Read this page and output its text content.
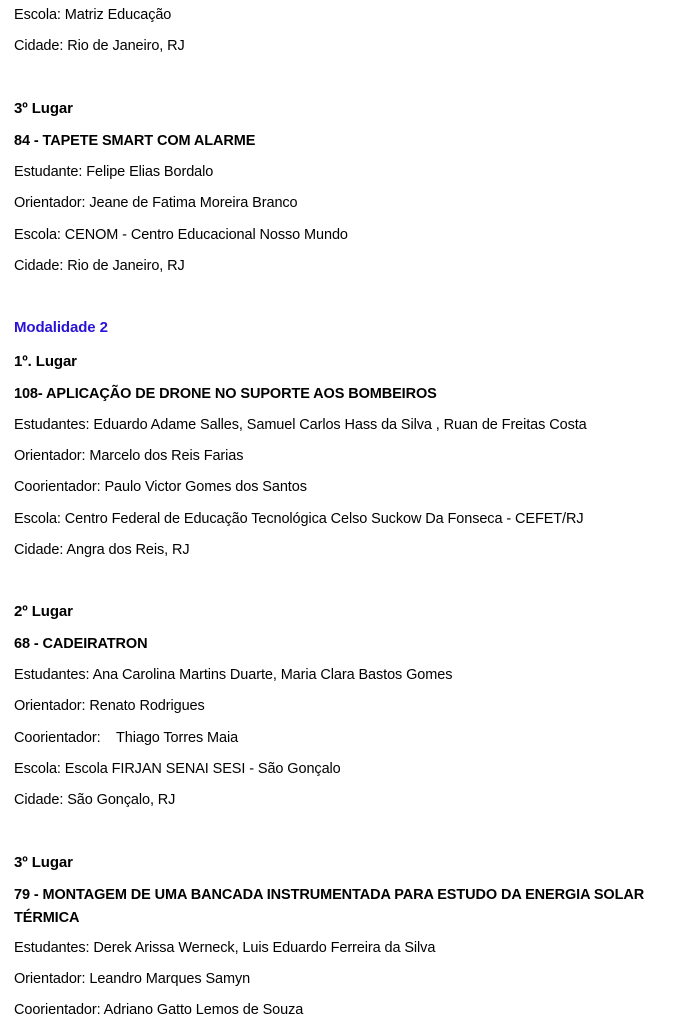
Escola: Matriz Educação
Cidade: Rio de Janeiro, RJ
3º Lugar
84 - TAPETE SMART COM ALARME
Estudante: Felipe Elias Bordalo
Orientador: Jeane de Fatima Moreira Branco
Escola: CENOM - Centro Educacional Nosso Mundo
Cidade: Rio de Janeiro, RJ
Modalidade 2
1º. Lugar
108- APLICAÇÃO DE DRONE NO SUPORTE AOS BOMBEIROS
Estudantes: Eduardo Adame Salles, Samuel Carlos Hass da Silva , Ruan de Freitas Costa
Orientador: Marcelo dos Reis Farias
Coorientador: Paulo Victor Gomes dos Santos
Escola: Centro Federal de Educação Tecnológica Celso Suckow Da Fonseca - CEFET/RJ
Cidade: Angra dos Reis, RJ
2º Lugar
68 - CADEIRATRON
Estudantes: Ana Carolina Martins Duarte, Maria Clara Bastos Gomes
Orientador: Renato Rodrigues
Coorientador:    Thiago Torres Maia
Escola: Escola FIRJAN SENAI SESI - São Gonçalo
Cidade: São Gonçalo, RJ
3º Lugar
79 - MONTAGEM DE UMA BANCADA INSTRUMENTADA PARA ESTUDO DA ENERGIA SOLAR TÉRMICA
Estudantes: Derek Arissa Werneck, Luis Eduardo Ferreira da Silva
Orientador: Leandro Marques Samyn
Coorientador: Adriano Gatto Lemos de Souza
